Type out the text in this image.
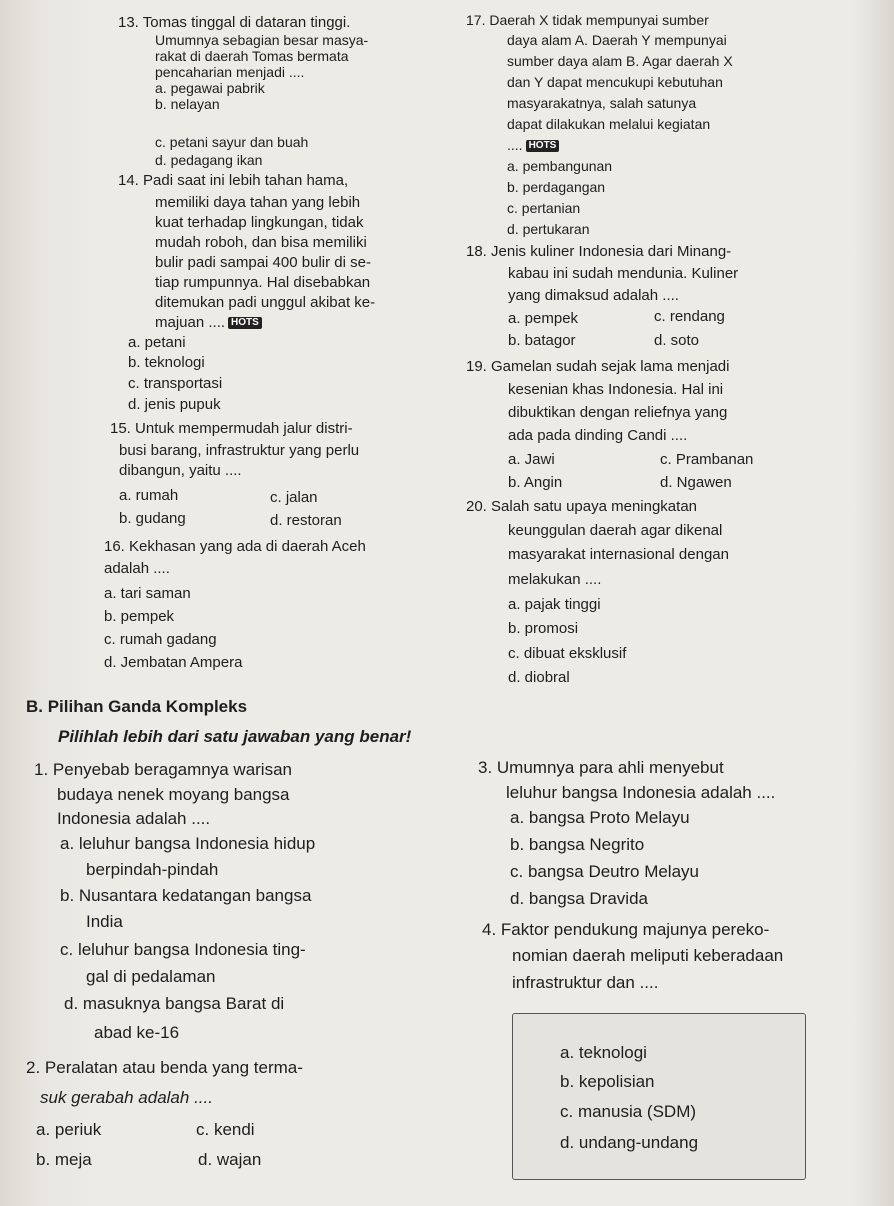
13. Tomas tinggal di dataran tinggi.
Umumnya sebagian besar masya-
rakat di daerah Tomas bermata
pencaharian menjadi ....
a. pegawai pabrik
b. nelayan
c. petani sayur dan buah
d. pedagang ikan
14. Padi saat ini lebih tahan hama,
memiliki daya tahan yang lebih
kuat terhadap lingkungan, tidak
mudah roboh, dan bisa memiliki
bulir padi sampai 400 bulir di se-
tiap rumpunnya. Hal disebabkan
ditemukan padi unggul akibat ke-
majuan .... HOTS
a. petani
b. teknologi
c. transportasi
d. jenis pupuk
15. Untuk mempermudah jalur distri-
busi barang, infrastruktur yang perlu
dibangun, yaitu ....
a. rumah	c. jalan
b. gudang	d. restoran
16. Kekhasan yang ada di daerah Aceh
adalah ....
a. tari saman
b. pempek
c. rumah gadang
d. Jembatan Ampera
17. Daerah X tidak mempunyai sumber
daya alam A. Daerah Y mempunyai
sumber daya alam B. Agar daerah X
dan Y dapat mencukupi kebutuhan
masyarakatnya, salah satunya
dapat dilakukan melalui kegiatan
.... HOTS
a. pembangunan
b. perdagangan
c. pertanian
d. pertukaran
18. Jenis kuliner Indonesia dari Minang-
kabau ini sudah mendunia. Kuliner
yang dimaksud adalah ....
a. pempek	c. rendang
b. batagor	d. soto
19. Gamelan sudah sejak lama menjadi
kesenian khas Indonesia. Hal ini
dibuktikan dengan reliefnya yang
ada pada dinding Candi ....
a. Jawi	c. Prambanan
b. Angin	d. Ngawen
20. Salah satu upaya meningkatan
keunggulan daerah agar dikenal
masyarakat internasional dengan
melakukan ....
a. pajak tinggi
b. promosi
c. dibuat eksklusif
d. diobral
B. Pilihan Ganda Kompleks
Pilihlah lebih dari satu jawaban yang benar!
1. Penyebab beragamnya warisan
budaya nenek moyang bangsa
Indonesia adalah ....
a. leluhur bangsa Indonesia hidup
berpindah-pindah
b. Nusantara kedatangan bangsa
India
c. leluhur bangsa Indonesia ting-
gal di pedalaman
d. masuknya bangsa Barat di
abad ke-16
2. Peralatan atau benda yang terma-
suk gerabah adalah ....
a. periuk	c. kendi
b. meja	d. wajan
3. Umumnya para ahli menyebut
leluhur bangsa Indonesia adalah ....
a. bangsa Proto Melayu
b. bangsa Negrito
c. bangsa Deutro Melayu
d. bangsa Dravida
4. Faktor pendukung majunya pereko-
nomian daerah meliputi keberadaan
infrastruktur dan ....
a. teknologi
b. kepolisian
c. manusia (SDM)
d. undang-undang
